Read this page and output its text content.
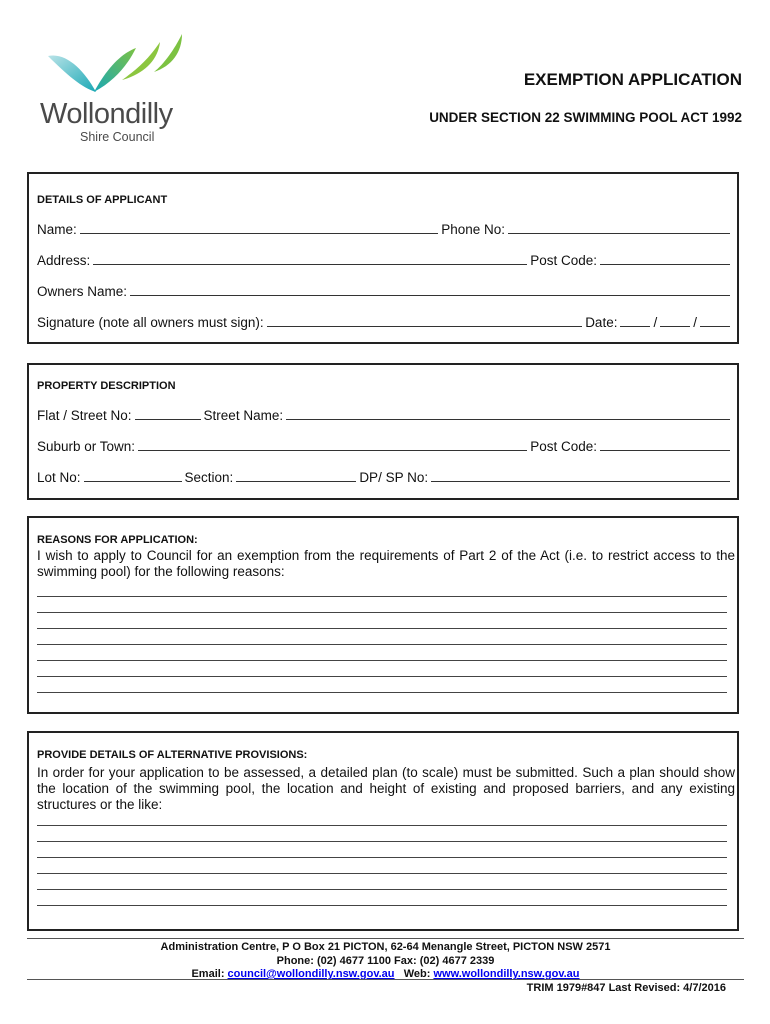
Wollondilly
Shire Council
EXEMPTION APPLICATION
UNDER SECTION 22 SWIMMING POOL ACT 1992
DETAILS OF APPLICANT
Name:	Phone No:
Address:	Post Code:
Owners Name:
Signature (note all owners must sign):	Date:	/	/
PROPERTY DESCRIPTION
Flat / Street No:	Street Name:
Suburb or Town:	Post Code:
Lot No:	Section:	DP/ SP No:
REASONS FOR APPLICATION:
I wish to apply to Council for an exemption from the requirements of Part 2 of the Act (i.e. to restrict access to the swimming pool) for the following reasons:
PROVIDE DETAILS OF ALTERNATIVE PROVISIONS:
In order for your application to be assessed, a detailed plan (to scale) must be submitted. Such a plan should show the location of the swimming pool, the location and height of existing and proposed barriers, and any existing structures or the like:
Administration Centre, P O Box 21 PICTON, 62-64 Menangle Street, PICTON NSW 2571
Phone: (02) 4677 1100 Fax: (02) 4677 2339
Email: council@wollondilly.nsw.gov.au Web: www.wollondilly.nsw.gov.au
TRIM 1979#847 Last Revised: 4/7/2016
